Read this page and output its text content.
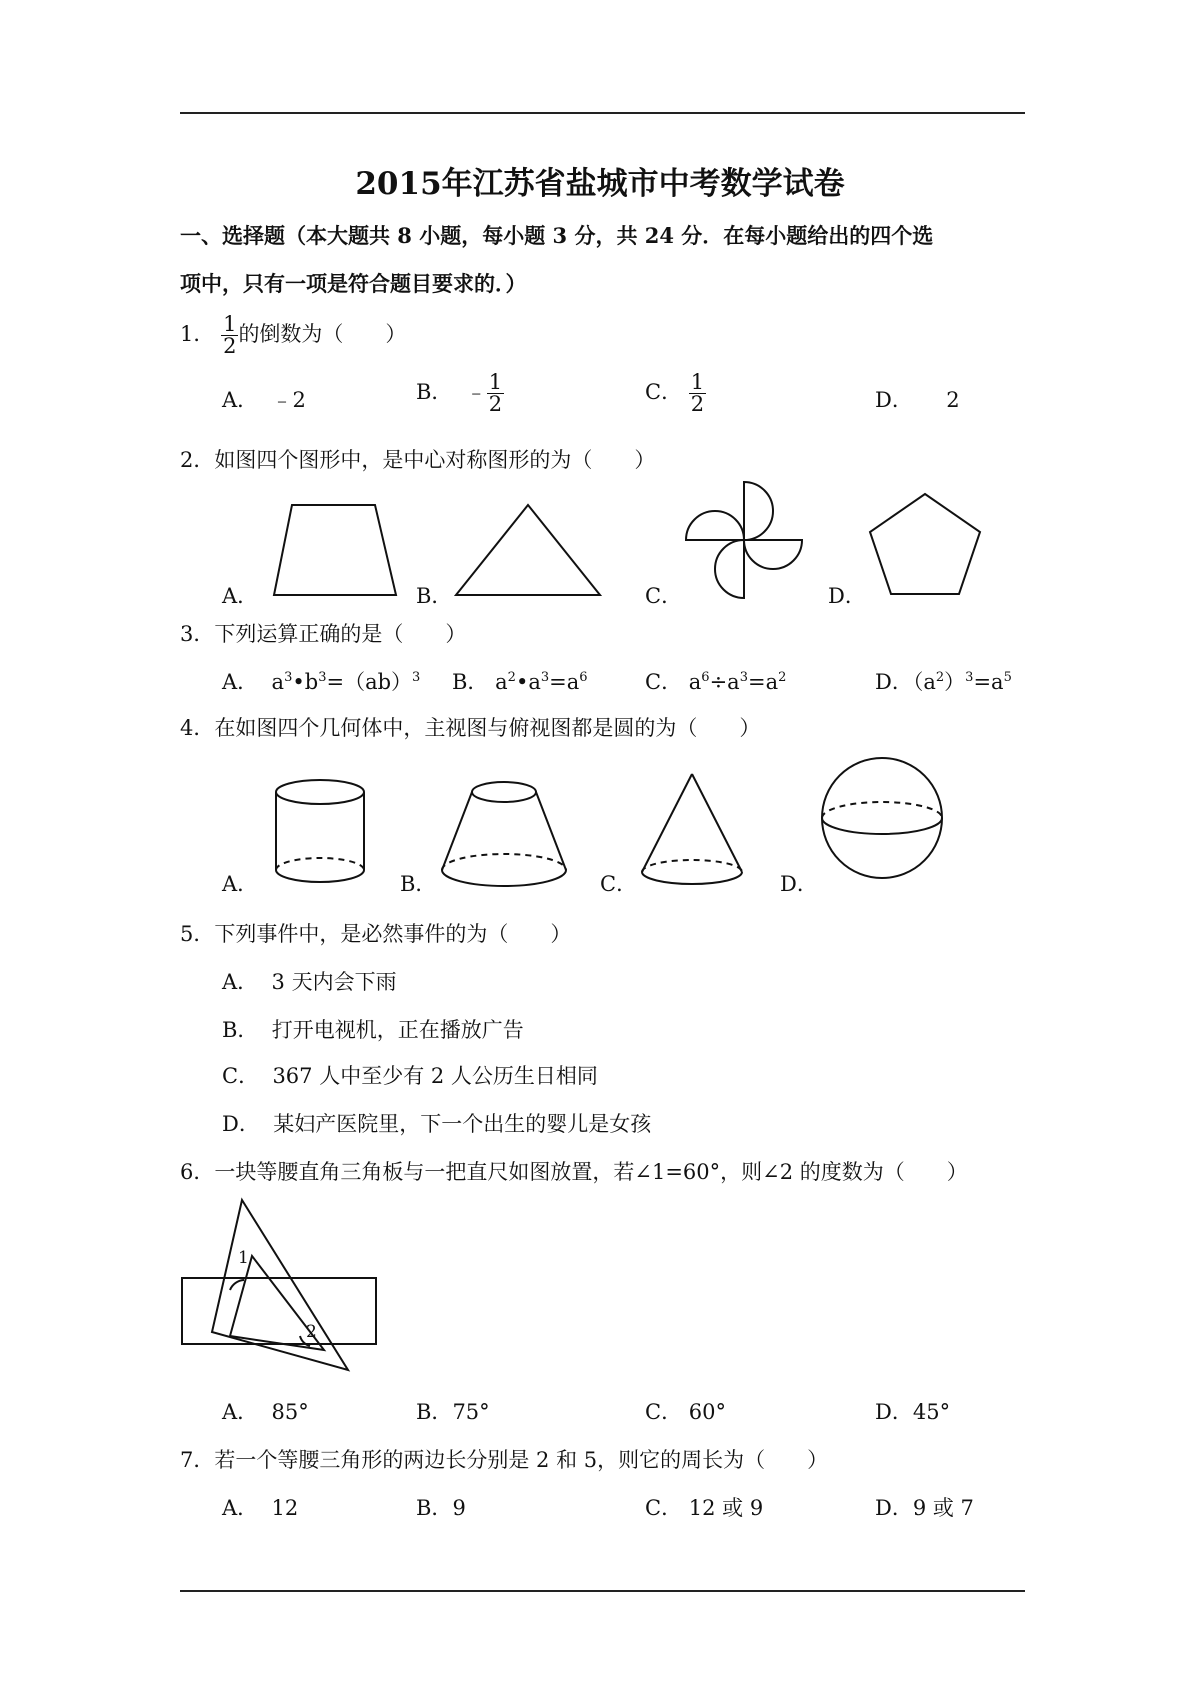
2015年江苏省盐城市中考数学试卷
一、选择题（本大题共 8 小题，每小题 3 分，共 24 分．在每小题给出的四个选
项中，只有一项是符合题目要求的．）
1． $\frac{1}{2}$ 的倒数为（　　）
A． ﹣2	B． ﹣ $\frac{1}{2}$	C． $\frac{1}{2}$	D． 2
2．如图四个图形中，是中心对称图形的为（　　）
A．	B．	C．	D．
3．下列运算正确的是（　　）
A． $a^3•b^3=(ab)^3$ B． $a^2•a^3=a^6$	C． $a^6\div a^3=a^2$	D．$(a^2)^3=a^5$
4．在如图四个几何体中，主视图与俯视图都是圆的为（　　）
A．	B．	C．	D．
5．下列事件中，是必然事件的为（　　）
A． 3 天内会下雨
B． 打开电视机，正在播放广告
C． 367 人中至少有 2 人公历生日相同
D． 某妇产医院里，下一个出生的婴儿是女孩
6．一块等腰直角三角板与一把直尺如图放置，若∠1=60°，则∠2 的度数为（　　）
1
2
A． 85°	B．75°	C． 60°	D．45°
7．若一个等腰三角形的两边长分别是 2 和 5，则它的周长为（　　）
A． 12	B．9	C． 12 或 9	D．9 或 7
